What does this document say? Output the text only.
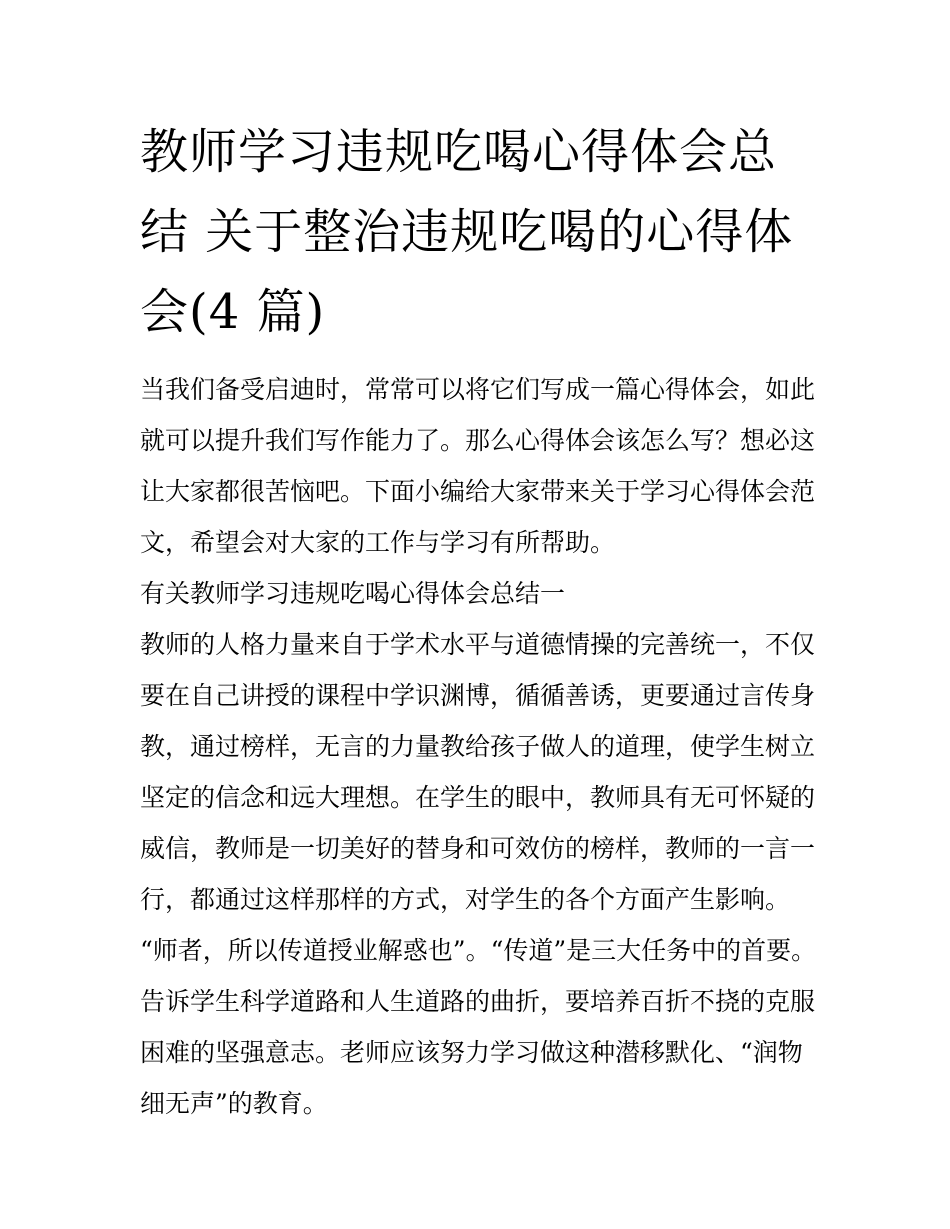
教师学习违规吃喝心得体会总
结 关于整治违规吃喝的心得体
会(4 篇)

当我们备受启迪时，常常可以将它们写成一篇心得体会，如此
就可以提升我们写作能力了。那么心得体会该怎么写？想必这
让大家都很苦恼吧。下面小编给大家带来关于学习心得体会范
文，希望会对大家的工作与学习有所帮助。

有关教师学习违规吃喝心得体会总结一

教师的人格力量来自于学术水平与道德情操的完善统一，不仅
要在自己讲授的课程中学识渊博，循循善诱，更要通过言传身
教，通过榜样，无言的力量教给孩子做人的道理，使学生树立
坚定的信念和远大理想。在学生的眼中，教师具有无可怀疑的
威信，教师是一切美好的替身和可效仿的榜样，教师的一言一
行，都通过这样那样的方式，对学生的各个方面产生影响。

“师者，所以传道授业解惑也”。“传道”是三大任务中的首要。
告诉学生科学道路和人生道路的曲折，要培养百折不挠的克服
困难的坚强意志。老师应该努力学习做这种潜移默化、“润物
细无声”的教育。
